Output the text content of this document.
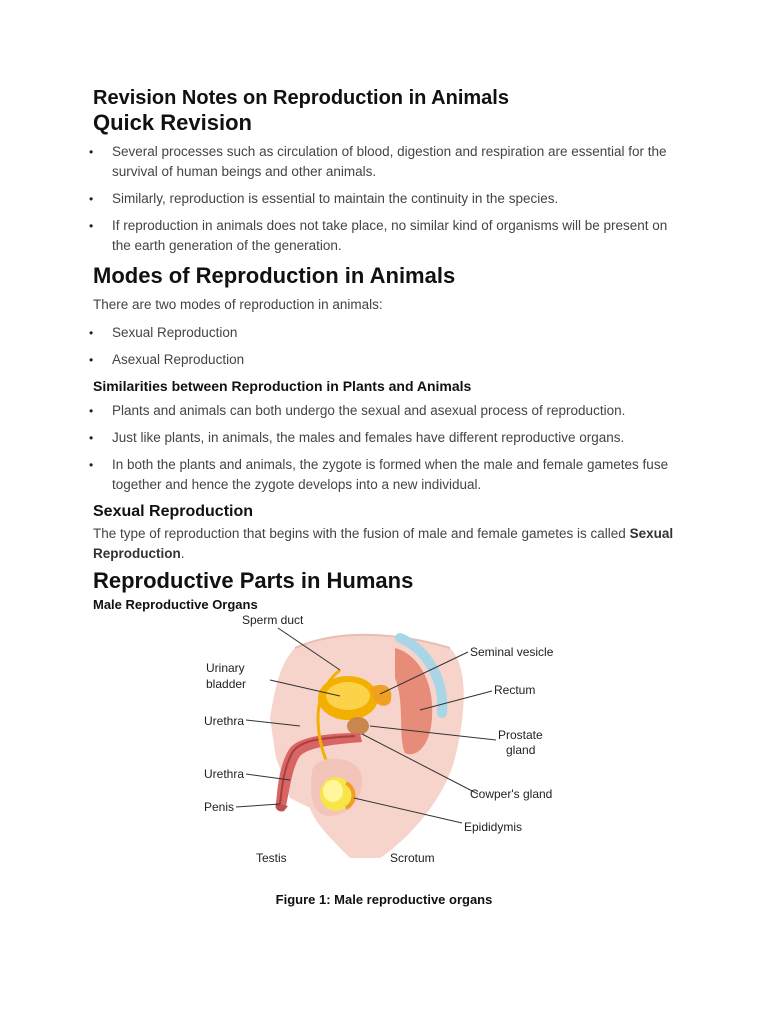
Revision Notes on Reproduction in Animals
Quick Revision
• Several processes such as circulation of blood, digestion and respiration are essential for the survival of human beings and other animals.
• Similarly, reproduction is essential to maintain the continuity in the species.
• If reproduction in animals does not take place, no similar kind of organisms will be present on the earth generation of the generation.
Modes of Reproduction in Animals

There are two modes of reproduction in animals:

• Sexual Reproduction
• Asexual Reproduction
Similarities between Reproduction in Plants and Animals
• Plants and animals can both undergo the sexual and asexual process of reproduction.
• Just like plants, in animals, the males and females have different reproductive organs.
• In both the plants and animals, the zygote is formed when the male and female gametes fuse together and hence the zygote develops into a new individual.
Sexual Reproduction

The type of reproduction that begins with the fusion of male and female gametes is called Sexual Reproduction.

Reproductive Parts in Humans
Male Reproductive Organs
Sperm duct
Urinary
bladder
Urethra
Urethra
Penis
Testis	Scrotum
Seminal vesicle
Rectum
Prostate
gland
Cowper's gland
Epididymis
Figure 1: Male reproductive organs
